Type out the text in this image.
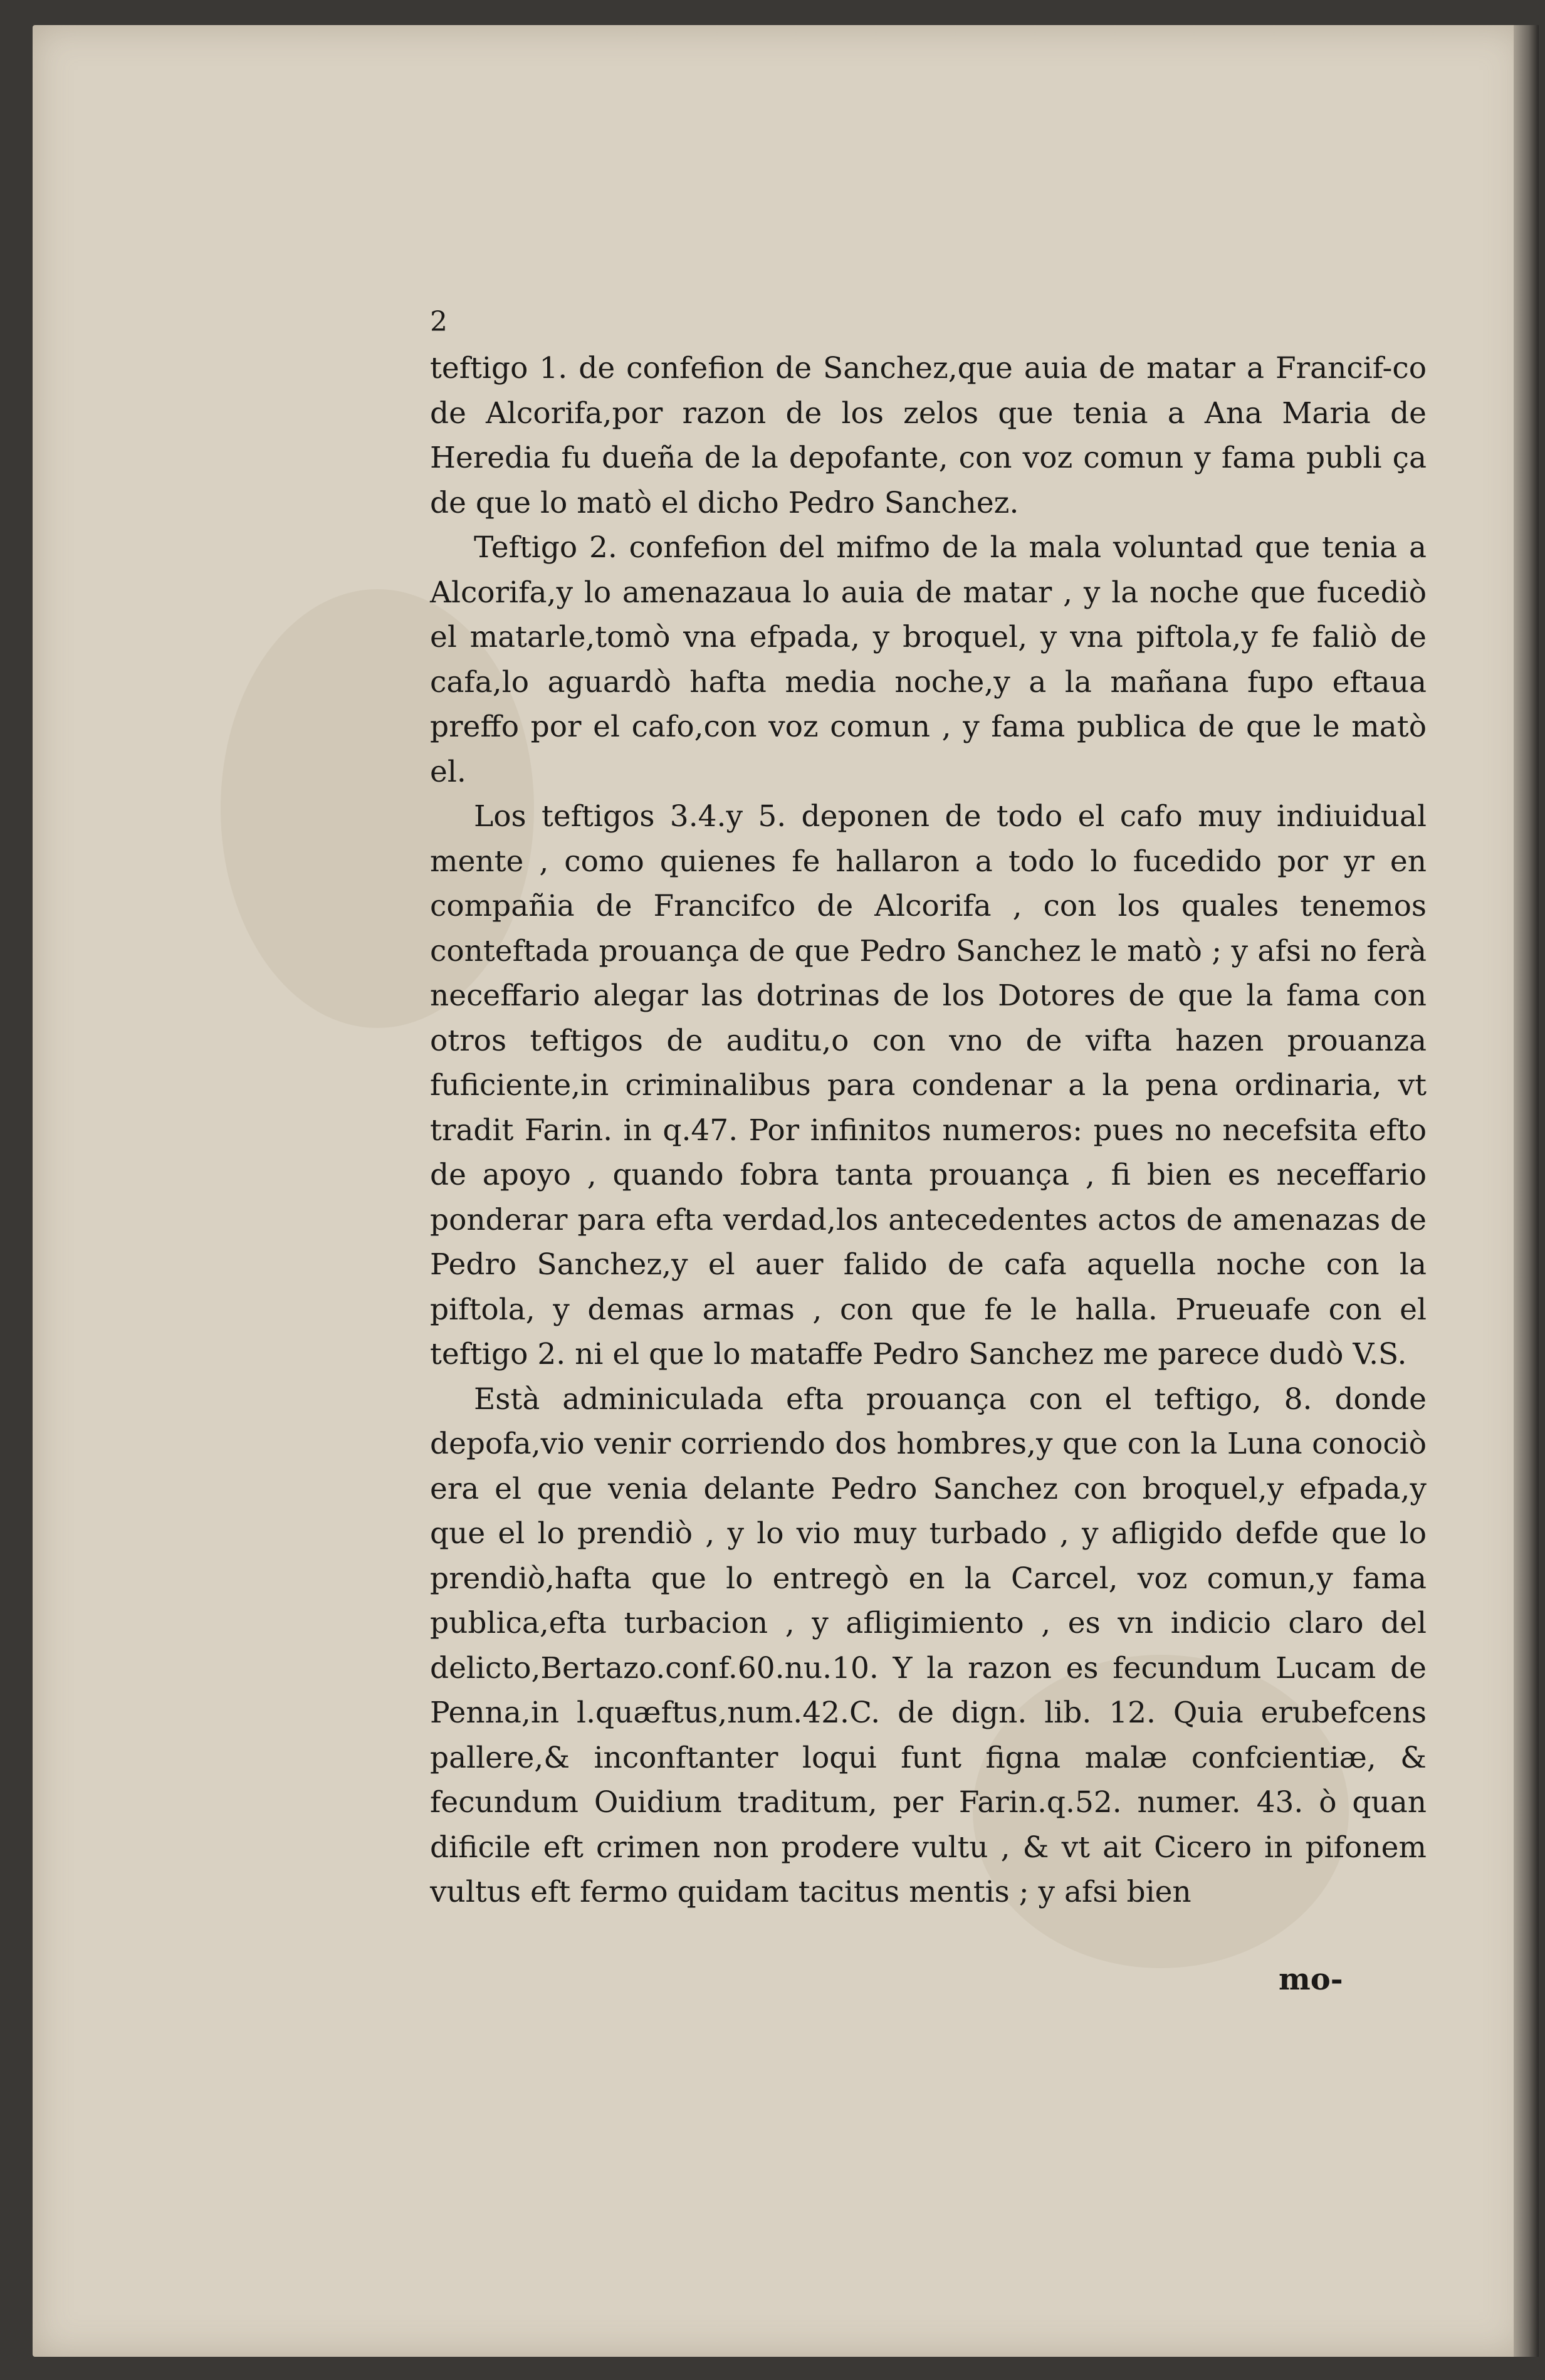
2

teftigo 1. de confefion de Sanchez,que auia de matar a Francif-co de Alcorifa,por razon de los zelos que tenia a Ana Maria de Heredia fu dueña de la depofante, con voz comun y fama publi ça de que lo matò el dicho Pedro Sanchez.

Teftigo 2. confefion del mifmo de la mala voluntad que tenia a Alcorifa,y lo amenazaua lo auia de matar , y la noche que fucediò el matarle,tomò vna efpada, y broquel, y vna piftola,y fe faliò de cafa,lo aguardò hafta media noche,y a la mañana fupo eftaua preffo por el cafo,con voz comun , y fama publica de que le matò el.

Los teftigos 3.4.y 5. deponen de todo el cafo muy indiuidual mente , como quienes fe hallaron a todo lo fucedido por yr en compañia de Francifco de Alcorifa , con los quales tenemos conteftada prouança de que Pedro Sanchez le matò ; y afsi no ferà neceffario alegar las dotrinas de los Dotores de que la fama con otros teftigos de auditu,o con vno de vifta hazen prouanza fuficiente,in criminalibus para condenar a la pena ordinaria, vt tradit Farin. in q.47. Por infinitos numeros: pues no necefsita efto de apoyo , quando fobra tanta prouança , fi bien es neceffario ponderar para efta verdad,los antecedentes actos de amenazas de Pedro Sanchez,y el auer falido de cafa aquella noche con la piftola, y demas armas , con que fe le halla. Prueuafe con el teftigo 2. ni el que lo mataffe Pedro Sanchez me parece dudò V.S.

Està adminiculada efta prouança con el teftigo, 8. donde depofa,vio venir corriendo dos hombres,y que con la Luna conociò era el que venia delante Pedro Sanchez con broquel,y efpada,y que el lo prendiò , y lo vio muy turbado , y afligido defde que lo prendiò,hafta que lo entregò en la Carcel, voz comun,y fama publica,efta turbacion , y afligimiento , es vn indicio claro del delicto,Bertazo.conf.60.nu.10. Y la razon es fecundum Lucam de Penna,in l.quæftus,num.42.C. de dign. lib. 12. Quia erubefcens pallere,& inconftanter loqui funt figna malæ confcientiæ, & fecundum Ouidium traditum, per Farin.q.52. numer. 43. ò quan dificile eft crimen non prodere vultu , & vt ait Cicero in pifonem vultus eft fermo quidam tacitus mentis ; y afsi bien

mo-
